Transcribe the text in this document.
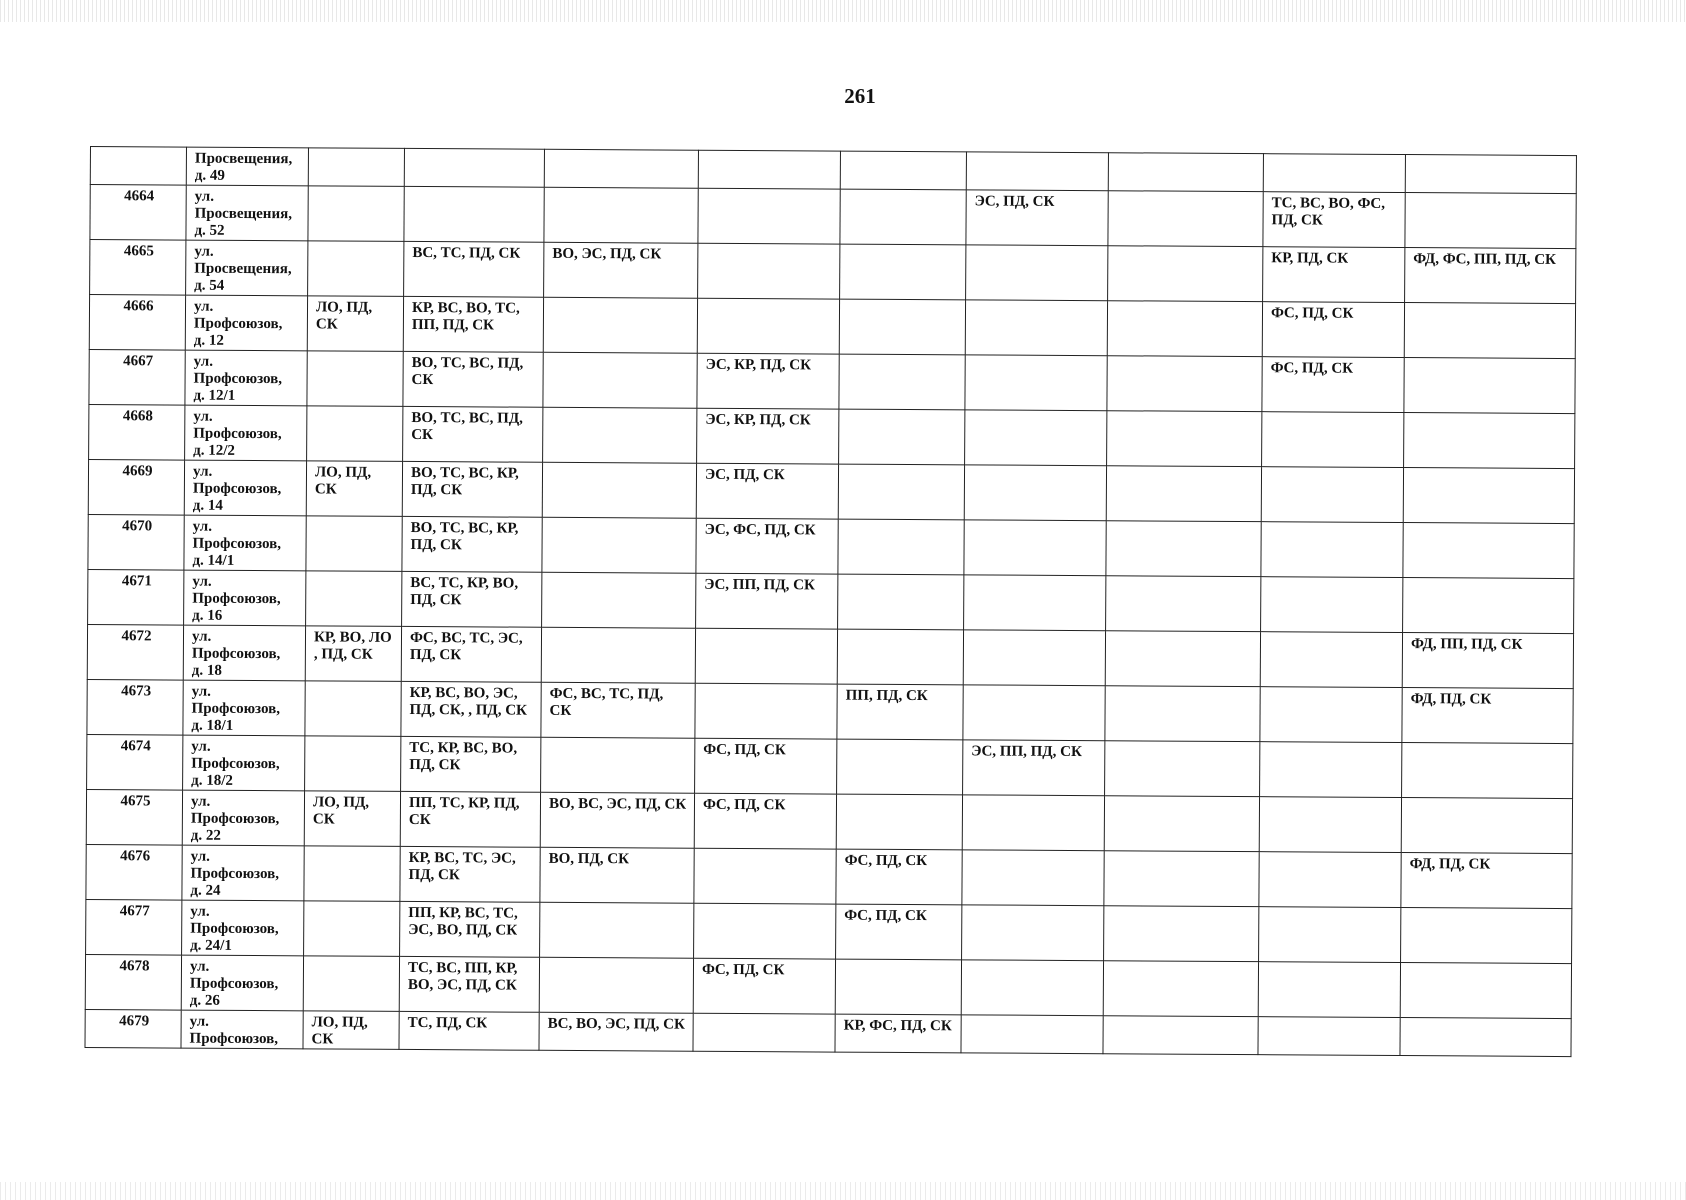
261

	Просвещения,
д. 49									

4664	ул.
Просвещения,
д. 52						ЭС, ПД, СК		ТС, ВС, ВО, ФС, ПД, СК	
4665	ул.
Просвещения,
д. 54		ВС, ТС, ПД, СК	ВО, ЭС, ПД, СК					КР, ПД, СК	ФД, ФС, ПП, ПД, СК
4666	ул.
Профсоюзов,
д. 12	ЛО, ПД, СК	КР, ВС, ВО, ТС, ПП, ПД, СК						ФС, ПД, СК	
4667	ул.
Профсоюзов,
д. 12/1		ВО, ТС, ВС, ПД, СК		ЭС, КР, ПД, СК				ФС, ПД, СК	
4668	ул.
Профсоюзов,
д. 12/2		ВО, ТС, ВС, ПД, СК		ЭС, КР, ПД, СК					
4669	ул.
Профсоюзов,
д. 14	ЛО, ПД, СК	ВО, ТС, ВС, КР, ПД, СК		ЭС, ПД, СК					
4670	ул.
Профсоюзов,
д. 14/1		ВО, ТС, ВС, КР, ПД, СК		ЭС, ФС, ПД, СК					
4671	ул.
Профсоюзов,
д. 16		ВС, ТС, КР, ВО, ПД, СК		ЭС, ПП, ПД, СК					
4672	ул.
Профсоюзов,
д. 18	КР, ВО, ЛО , ПД, СК	ФС, ВС, ТС, ЭС, ПД, СК							ФД, ПП, ПД, СК
4673	ул.
Профсоюзов,
д. 18/1		КР, ВС, ВО, ЭС, ПД, СК, , ПД, СК	ФС, ВС, ТС, ПД, СК		ПП, ПД, СК				ФД, ПД, СК
4674	ул.
Профсоюзов,
д. 18/2		ТС, КР, ВС, ВО, ПД, СК		ФС, ПД, СК		ЭС, ПП, ПД, СК			
4675	ул.
Профсоюзов,
д. 22	ЛО, ПД, СК	ПП, ТС, КР, ПД, СК	ВО, ВС, ЭС, ПД, СК	ФС, ПД, СК					
4676	ул.
Профсоюзов,
д. 24		КР, ВС, ТС, ЭС, ПД, СК	ВО, ПД, СК		ФС, ПД, СК				ФД, ПД, СК
4677	ул.
Профсоюзов,
д. 24/1		ПП, КР, ВС, ТС, ЭС, ВО, ПД, СК			ФС, ПД, СК				
4678	ул.
Профсоюзов,
д. 26		ТС, ВС, ПП, КР, ВО, ЭС, ПД, СК		ФС, ПД, СК					
4679	ул.
Профсоюзов,	ЛО, ПД, СК	ТС, ПД, СК	ВС, ВО, ЭС, ПД, СК		КР, ФС, ПД, СК				
